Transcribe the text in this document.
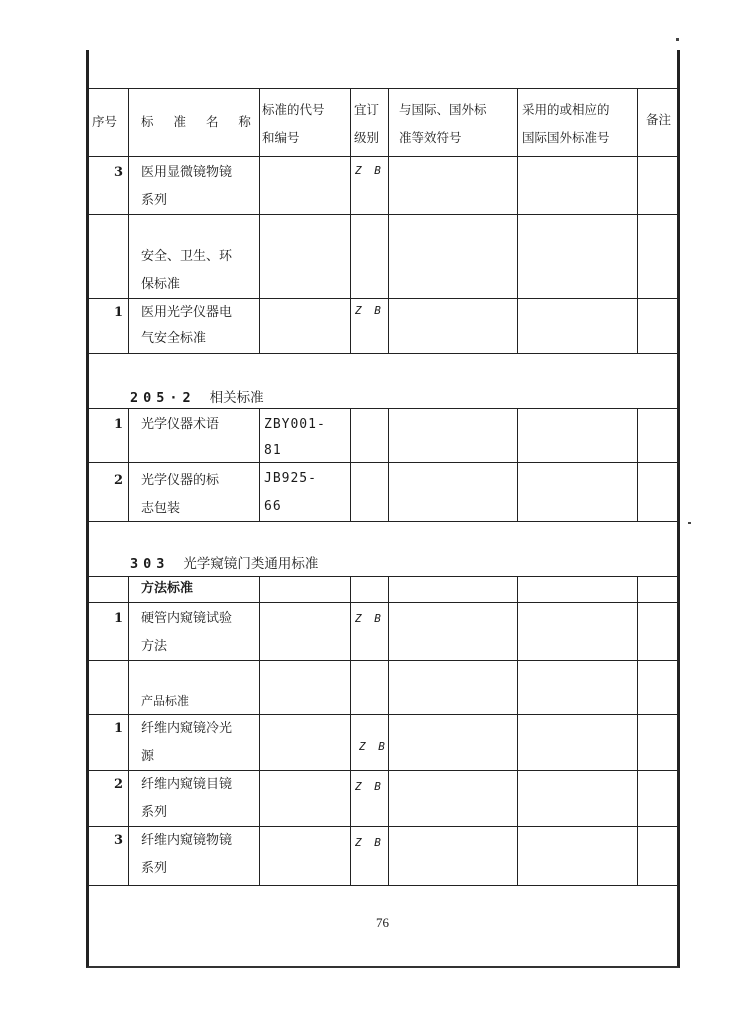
序号 标 准 名 称
标准的代号
和编号
宜订
级别
与国际、国外标
准等效符号
采用的或相应的
国际国外标准号
备注
3 医用显微镜物镜
系列
Z B
安全、卫生、环
保标准
1 医用光学仪器电
气安全标准
Z B
205·2 相关标准
1 光学仪器术语	ZBY001-
81
2 光学仪器的标
志包装
JB925-
66
303 光学窥镜门类通用标准
方法标准
1 硬管内窥镜试验
方法
Z B
产品标准
1 纤维内窥镜冷光
源
Z B
2 纤维内窥镜目镜
系列
Z B
3 纤维内窥镜物镜
系列
Z B
76
